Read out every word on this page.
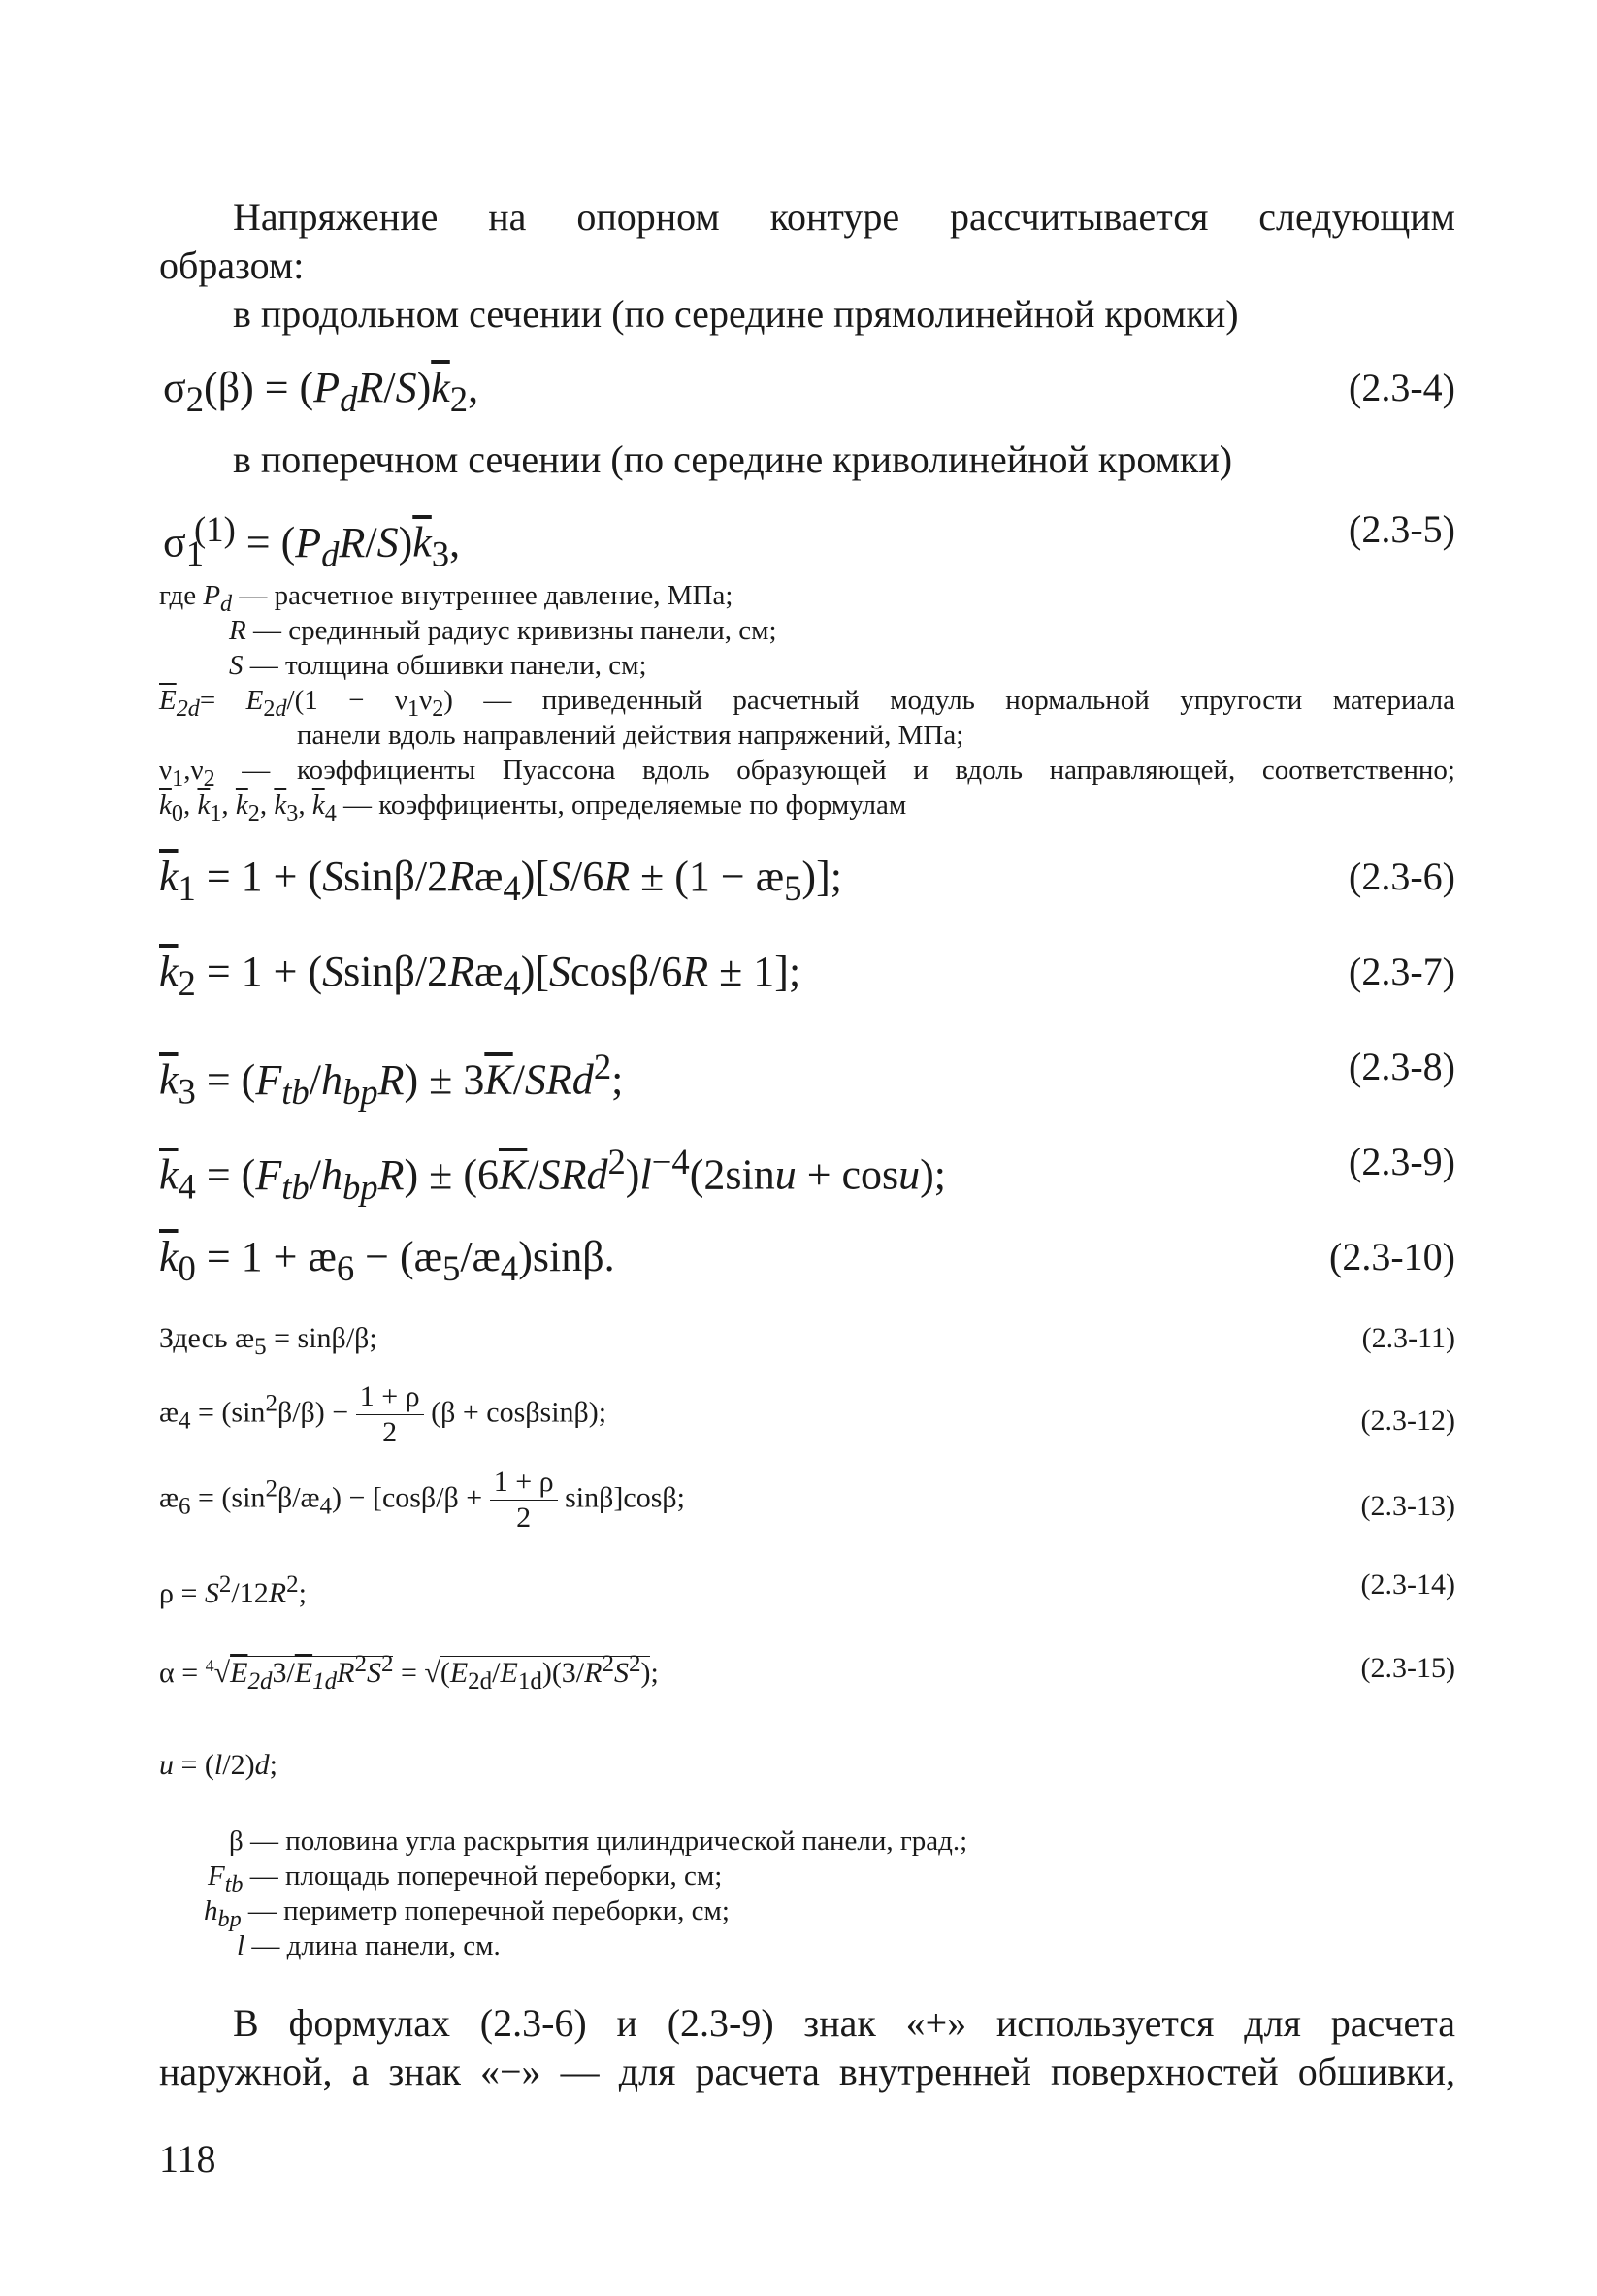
Напряжение на опорном контуре рассчитывается следующим
образом:
в продольном сечении (по середине прямолинейной кромки)
$\sigma_2(\beta) = (P_dR/S)\overline{k}_2$,	(2.3-4)
в поперечном сечении (по середине криволинейной кромки)
$\sigma_1^{(1)} = (P_dR/S)\overline{k}_3$,	(2.3-5)
где $P_d$ — расчетное внутреннее давление, МПа;
R — срединный радиус кривизны панели, см;
S — толщина обшивки панели, см;
$\overline{E}_{2d}= E_{2d}/(1 - \nu_1\nu_2)$ — приведенный расчетный модуль нормальной упругости материала
панели вдоль направлений действия напряжений, МПа;
$\nu_1,\nu_2$ — коэффициенты Пуассона вдоль образующей и вдоль направляющей, соответственно;
$\overline{k}_0$, $\overline{k}_1$, $\overline{k}_2$, $\overline{k}_3$, $\overline{k}_4$ — коэффициенты, определяемые по формулам
$\overline{k}_1 = 1$ + $(Ssin\beta/2Ræ_4)[S/6R \pm (1$ − $æ_5$)];	(2.3-6)
$\overline{k}_2 = 1$ + $(Ssin\beta/2Ræ_4)[Scos\beta/6R \pm 1]$;	(2.3-7)
$\overline{k}_3 = (F_{tb}/h_{bp}R) \pm 3\overline{K}/SRd^2$;	(2.3-8)
$\overline{k}_4 = (F_{tb}/h_{bp}R) \pm (6\overline{K}/SRd^2)l^{-4}(2\sin u + \cos u)$;	(2.3-9)
$\overline{k}_0 = 1$ + $æ_6$ − $(æ_5/æ_4)\sin\beta$.	(2.3-10)
Здесь $æ_5 = \sin\beta/\beta$;	(2.3-11)
$æ_4 = (\sin^2\beta/\beta) - \frac{1 + \rho}{2} (\beta + \cos\beta\sin\beta)$;	(2.3-12)
$æ_6$ = $(\sin^2\beta/æ_4) - [\cos\beta/\beta + \frac{1 + \rho}{2} \sin\beta]\cos\beta$;	(2.3-13)
$\rho = S^2/12R^2$;	(2.3-14)
$\alpha = ^4√E_{2d}3/\overline{E}_{1d}R^2S^2 = √(E_{2d}/E_{1d})(3/R^2S^2)$;	(2.3-15)
u = (l/2)d;
β — половина угла раскрытия цилиндрической панели, град.;
$F_{tb}$ — площадь поперечной переборки, см;
$h_{bp}$ — периметр поперечной переборки, см;
l — длина панели, см.
В формулах (2.3-6) и (2.3-9) знак «+» используется для расчета
наружной, а знак «−» — для расчета внутренней поверхностей обшивки,
118
